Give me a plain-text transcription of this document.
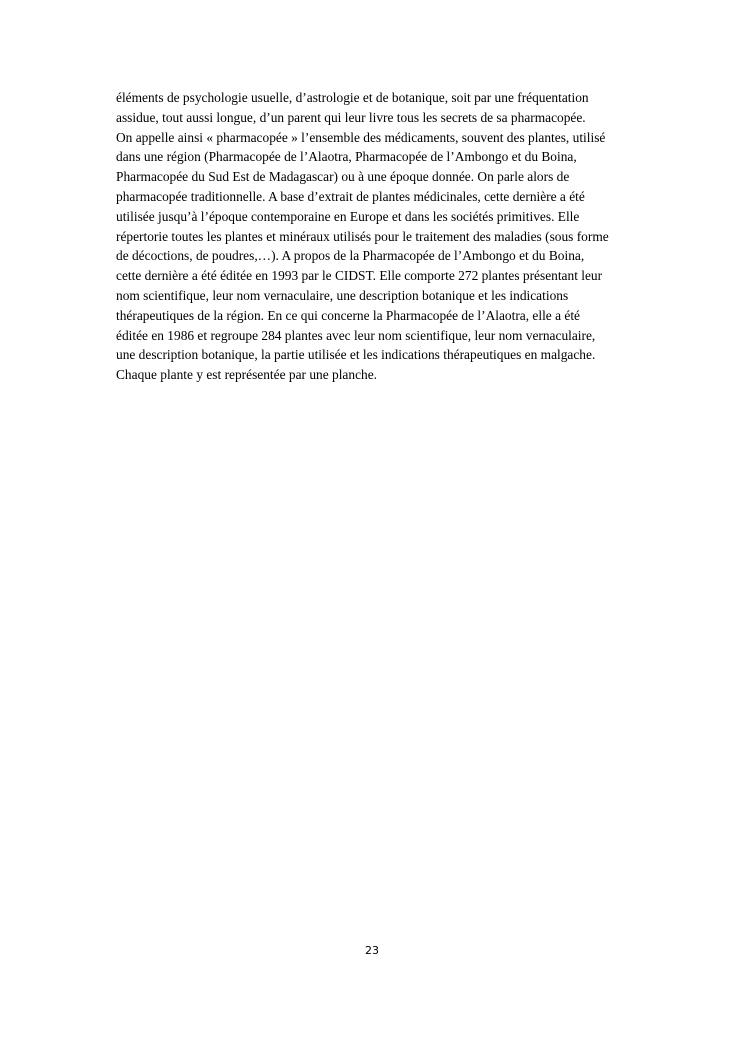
éléments de psychologie usuelle, d’astrologie et de botanique, soit par une fréquentation
assidue, tout aussi longue, d’un parent qui leur livre tous les secrets de sa pharmacopée.
On appelle ainsi « pharmacopée » l’ensemble des médicaments, souvent des plantes, utilisé
dans une région (Pharmacopée de l’Alaotra, Pharmacopée de l’Ambongo et du Boina,
Pharmacopée du Sud Est de Madagascar) ou à une époque donnée. On parle alors de
pharmacopée traditionnelle. A base d’extrait de plantes médicinales, cette dernière a été
utilisée jusqu’à l’époque contemporaine en Europe et dans les sociétés primitives. Elle
répertorie toutes les plantes et minéraux utilisés pour le traitement des maladies (sous forme
de décoctions, de poudres,…). A propos de la Pharmacopée de l’Ambongo et du Boina,
cette dernière a été éditée en 1993 par le CIDST. Elle comporte 272 plantes présentant leur
nom scientifique, leur nom vernaculaire, une description botanique et les indications
thérapeutiques de la région. En ce qui concerne la Pharmacopée de l’Alaotra, elle a été
éditée en 1986 et regroupe 284 plantes avec leur nom scientifique, leur nom vernaculaire,
une description botanique, la partie utilisée et les indications thérapeutiques en malgache.
Chaque plante y est représentée par une planche.
23
